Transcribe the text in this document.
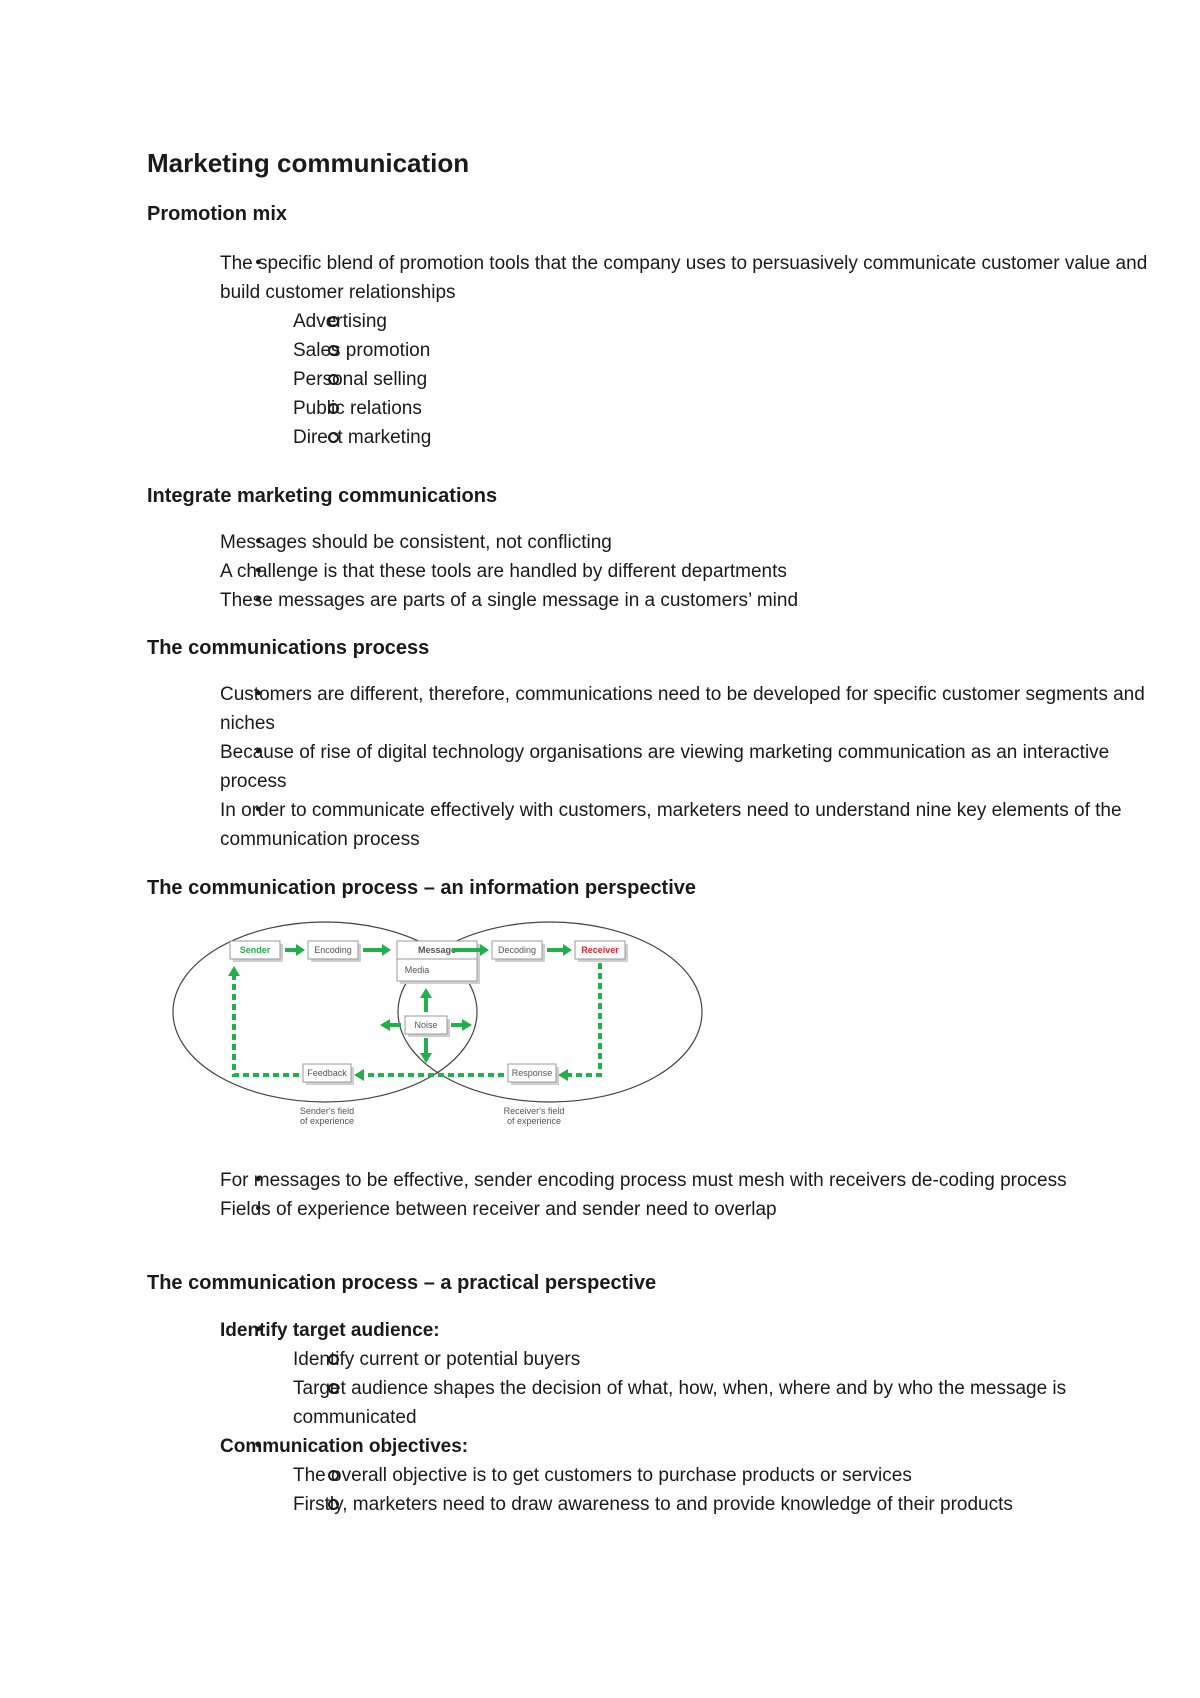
Marketing communication
Promotion mix
● The specific blend of promotion tools that the company uses to persuasively communicate customer value and build customer relationships
Advertising
Sales promotion
Personal selling
Public relations
Direct marketing
Integrate marketing communications
● Messages should be consistent, not conflicting
● A challenge is that these tools are handled by different departments
● These messages are parts of a single message in a customers’ mind
The communications process
● Customers are different, therefore, communications need to be developed for specific customer segments and niches
● Because of rise of digital technology organisations are viewing marketing communication as an interactive process
● In order to communicate effectively with customers, marketers need to understand nine key elements of the communication process
The communication process – an information perspective
Sender	Encoding	Message
Media
Decoding	Receiver
Noise
Feedback	Response
Sender's field
of experience
Receiver's field
of experience
● For messages to be effective, sender encoding process must mesh with receivers de-coding process
● Fields of experience between receiver and sender need to overlap
The communication process – a practical perspective
● Identify target audience:
Identify current or potential buyers
Target audience shapes the decision of what, how, when, where and by who the message is communicated
● Communication objectives:
The overall objective is to get customers to purchase products or services
Firstly, marketers need to draw awareness to and provide knowledge of their products
